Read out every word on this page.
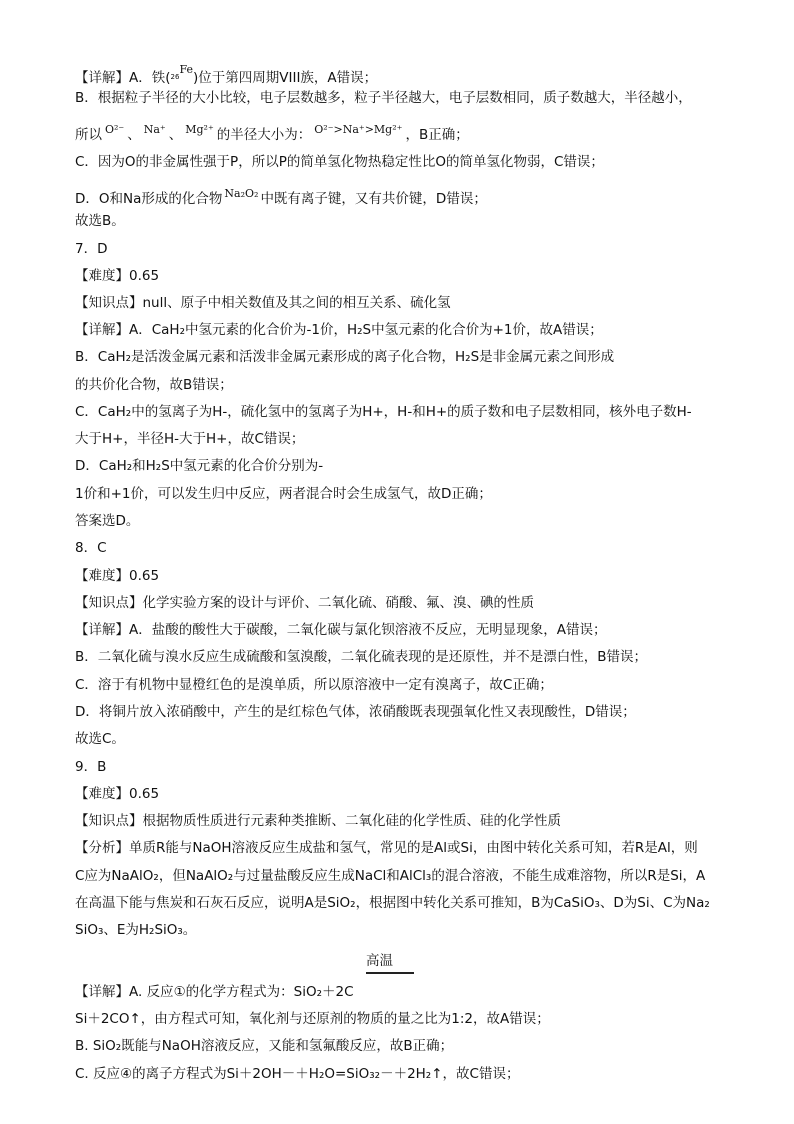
【详解】A．铁($^{26Fe}$)位于第四周期VIII族，A错误；
B．根据粒子半径的大小比较，电子层数越多，粒子半径越大，电子层数相同，质子数越大，半径越小，
所以 $^{O^{2-}}$ 、 $^{Na^+}$ 、 $^{Mg^{2+}}$ 的半径大小为： $^{O^{2-}>Na^+>Mg^{2+}}$ ，B正确；
C．因为O的非金属性强于P，所以P的简单氢化物热稳定性比O的简单氢化物弱，C错误；
D．O和Na形成的化合物 $^{Na_2O_2}$ 中既有离子键，又有共价键，D错误；
故选B。
7．D
【难度】0.65
【知识点】null、原子中相关数值及其之间的相互关系、硫化氢
【详解】A．CaH₂中氢元素的化合价为-1价，H₂S中氢元素的化合价为+1价，故A错误；
B．CaH₂是活泼金属元素和活泼非金属元素形成的离子化合物，H₂S是非金属元素之间形成
的共价化合物，故B错误；
C．CaH₂中的氢离子为H-，硫化氢中的氢离子为H+，H-和H+的质子数和电子层数相同，核外电子数H-
大于H+，半径H-大于H+，故C错误；
D．CaH₂和H₂S中氢元素的化合价分别为-
1价和+1价，可以发生归中反应，两者混合时会生成氢气，故D正确；
答案选D。
8．C
【难度】0.65
【知识点】化学实验方案的设计与评价、二氧化硫、硝酸、氟、溴、碘的性质
【详解】A．盐酸的酸性大于碳酸，二氧化碳与氯化钡溶液不反应，无明显现象，A错误；
B．二氧化硫与溴水反应生成硫酸和氢溴酸，二氧化硫表现的是还原性，并不是漂白性，B错误；
C．溶于有机物中显橙红色的是溴单质，所以原溶液中一定有溴离子，故C正确；
D．将铜片放入浓硝酸中，产生的是红棕色气体，浓硝酸既表现强氧化性又表现酸性，D错误；
故选C。
9．B
【难度】0.65
【知识点】根据物质性质进行元素种类推断、二氧化硅的化学性质、硅的化学性质
【分析】单质R能与NaOH溶液反应生成盐和氢气，常见的是Al或Si，由图中转化关系可知，若R是Al，则
C应为NaAlO₂，但NaAlO₂与过量盐酸反应生成NaCl和AlCl₃的混合溶液，不能生成难溶物，所以R是Si，A
在高温下能与焦炭和石灰石反应，说明A是SiO₂，根据图中转化关系可推知，B为CaSiO₃、D为Si、C为Na₂
SiO₃、E为H₂SiO₃。
高温
【详解】A. 反应①的化学方程式为：SiO₂＋2C
Si＋2CO↑，由方程式可知，氧化剂与还原剂的物质的量之比为1:2，故A错误；
B. SiO₂既能与NaOH溶液反应，又能和氢氟酸反应，故B正确；
C. 反应④的离子方程式为Si＋2OH－＋H₂O=SiO₃₂－＋2H₂↑，故C错误；
